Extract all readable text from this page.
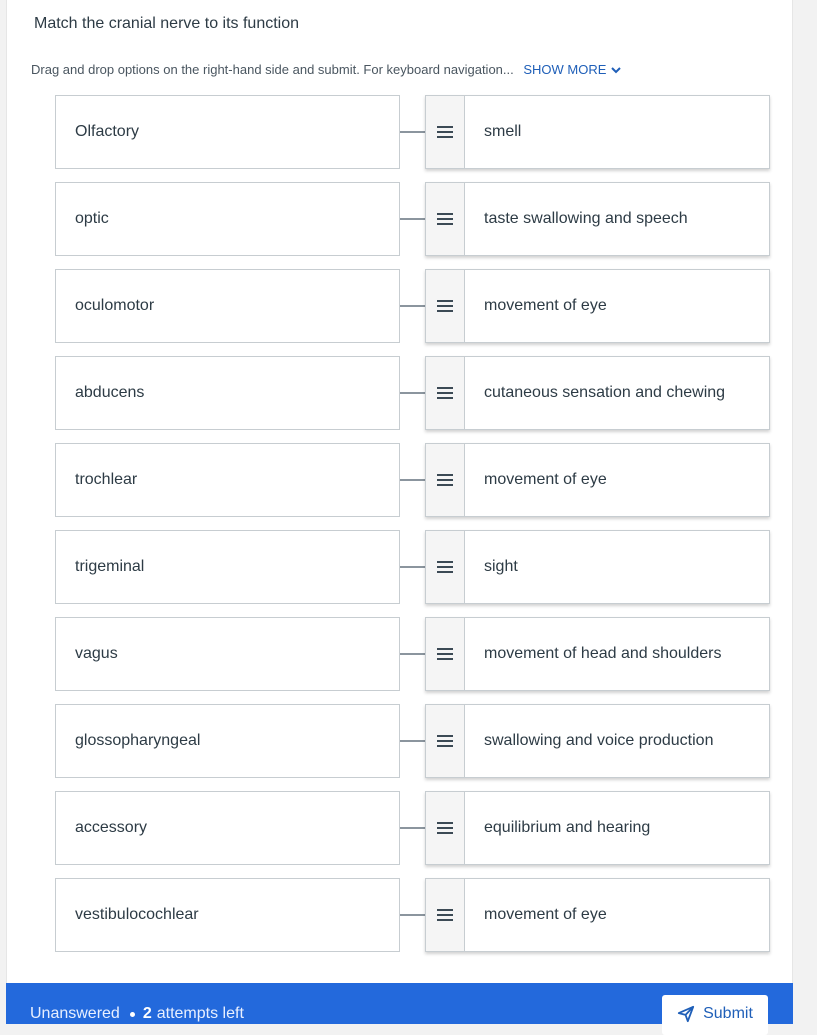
Match the cranial nerve to its function
Drag and drop options on the right-hand side and submit. For keyboard navigation... SHOW MORE
Olfactory	smell
optic	taste swallowing and speech
oculomotor	movement of eye
abducens	cutaneous sensation and chewing
trochlear	movement of eye
trigeminal	sight
vagus	movement of head and shoulders
glossopharyngeal	swallowing and voice production
accessory	equilibrium and hearing
vestibulocochlear	movement of eye
Unanswered 2 attempts left	Submit
